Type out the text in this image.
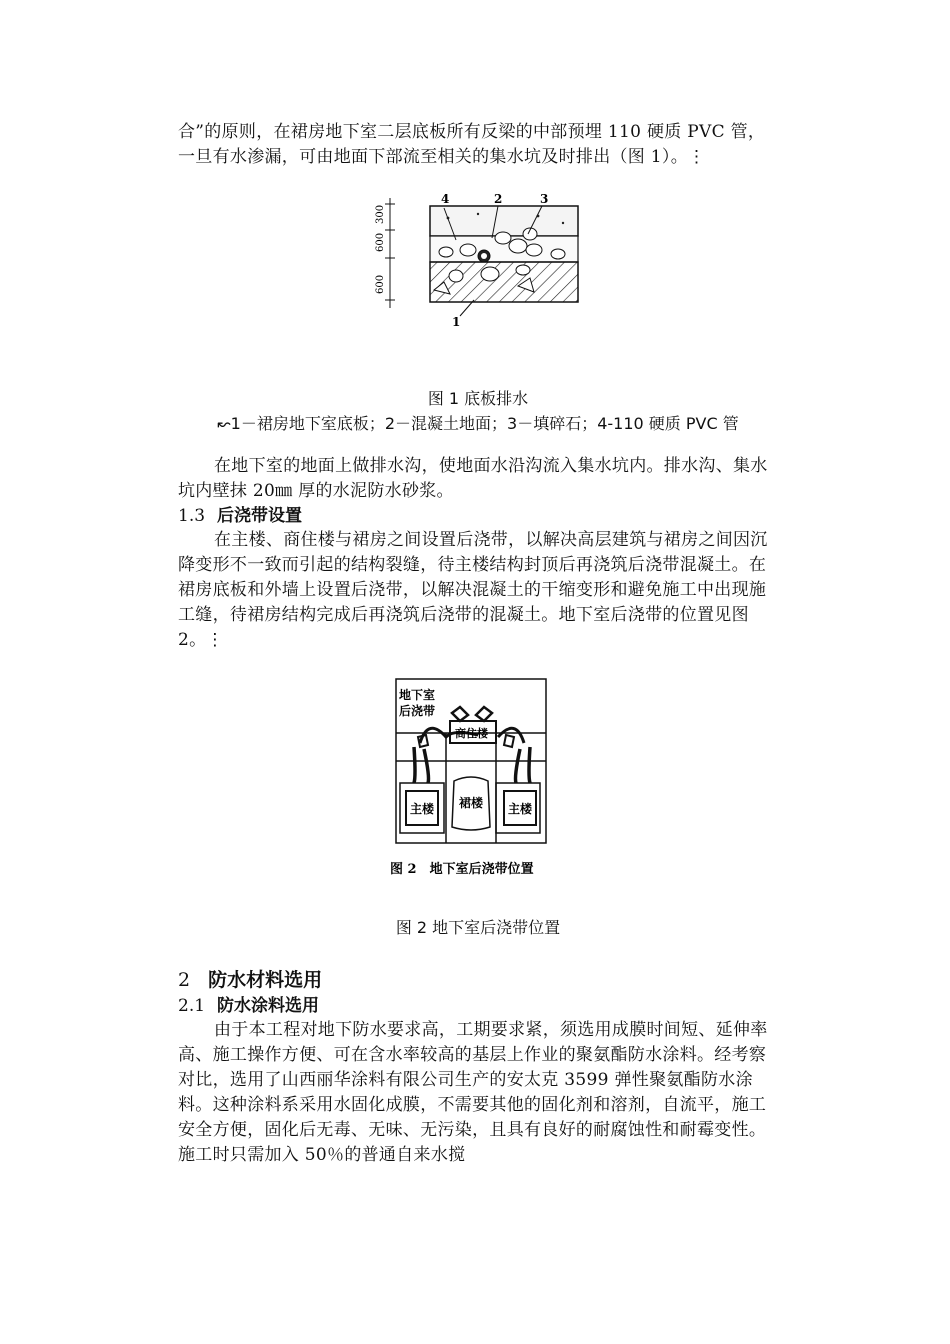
合”的原则，在裙房地下室二层底板所有反梁的中部预埋 110 硬质 PVC 管，一旦有水渗漏，可由地面下部流至相关的集水坑及时排出（图 1）。⋮

300
600
600
4	2	3
1

图 1 底板排水

↜1－裙房地下室底板；2－混凝土地面；3－填碎石；4-110 硬质 PVC 管

在地下室的地面上做排水沟，使地面水沿沟流入集水坑内。排水沟、集水坑内壁抹 20㎜ 厚的水泥防水砂浆。

1.3 后浇带设置

在主楼、商住楼与裙房之间设置后浇带，以解决高层建筑与裙房之间因沉降变形不一致而引起的结构裂缝，待主楼结构封顶后再浇筑后浇带混凝土。在裙房底板和外墙上设置后浇带，以解决混凝土的干缩变形和避免施工中出现施工缝，待裙房结构完成后再浇筑后浇带的混凝土。地下室后浇带的位置见图 2。⋮

地下室
后浇带
商住楼
裙楼
主楼	主楼
图 2　地下室后浇带位置

图 2 地下室后浇带位置

2 防水材料选用

2.1 防水涂料选用

由于本工程对地下防水要求高，工期要求紧，须选用成膜时间短、延伸率高、施工操作方便、可在含水率较高的基层上作业的聚氨酯防水涂料。经考察对比，选用了山西丽华涂料有限公司生产的安太克 3599 弹性聚氨酯防水涂料。这种涂料系采用水固化成膜，不需要其他的固化剂和溶剂，自流平，施工安全方便，固化后无毒、无味、无污染，且具有良好的耐腐蚀性和耐霉变性。施工时只需加入 50％的普通自来水搅
